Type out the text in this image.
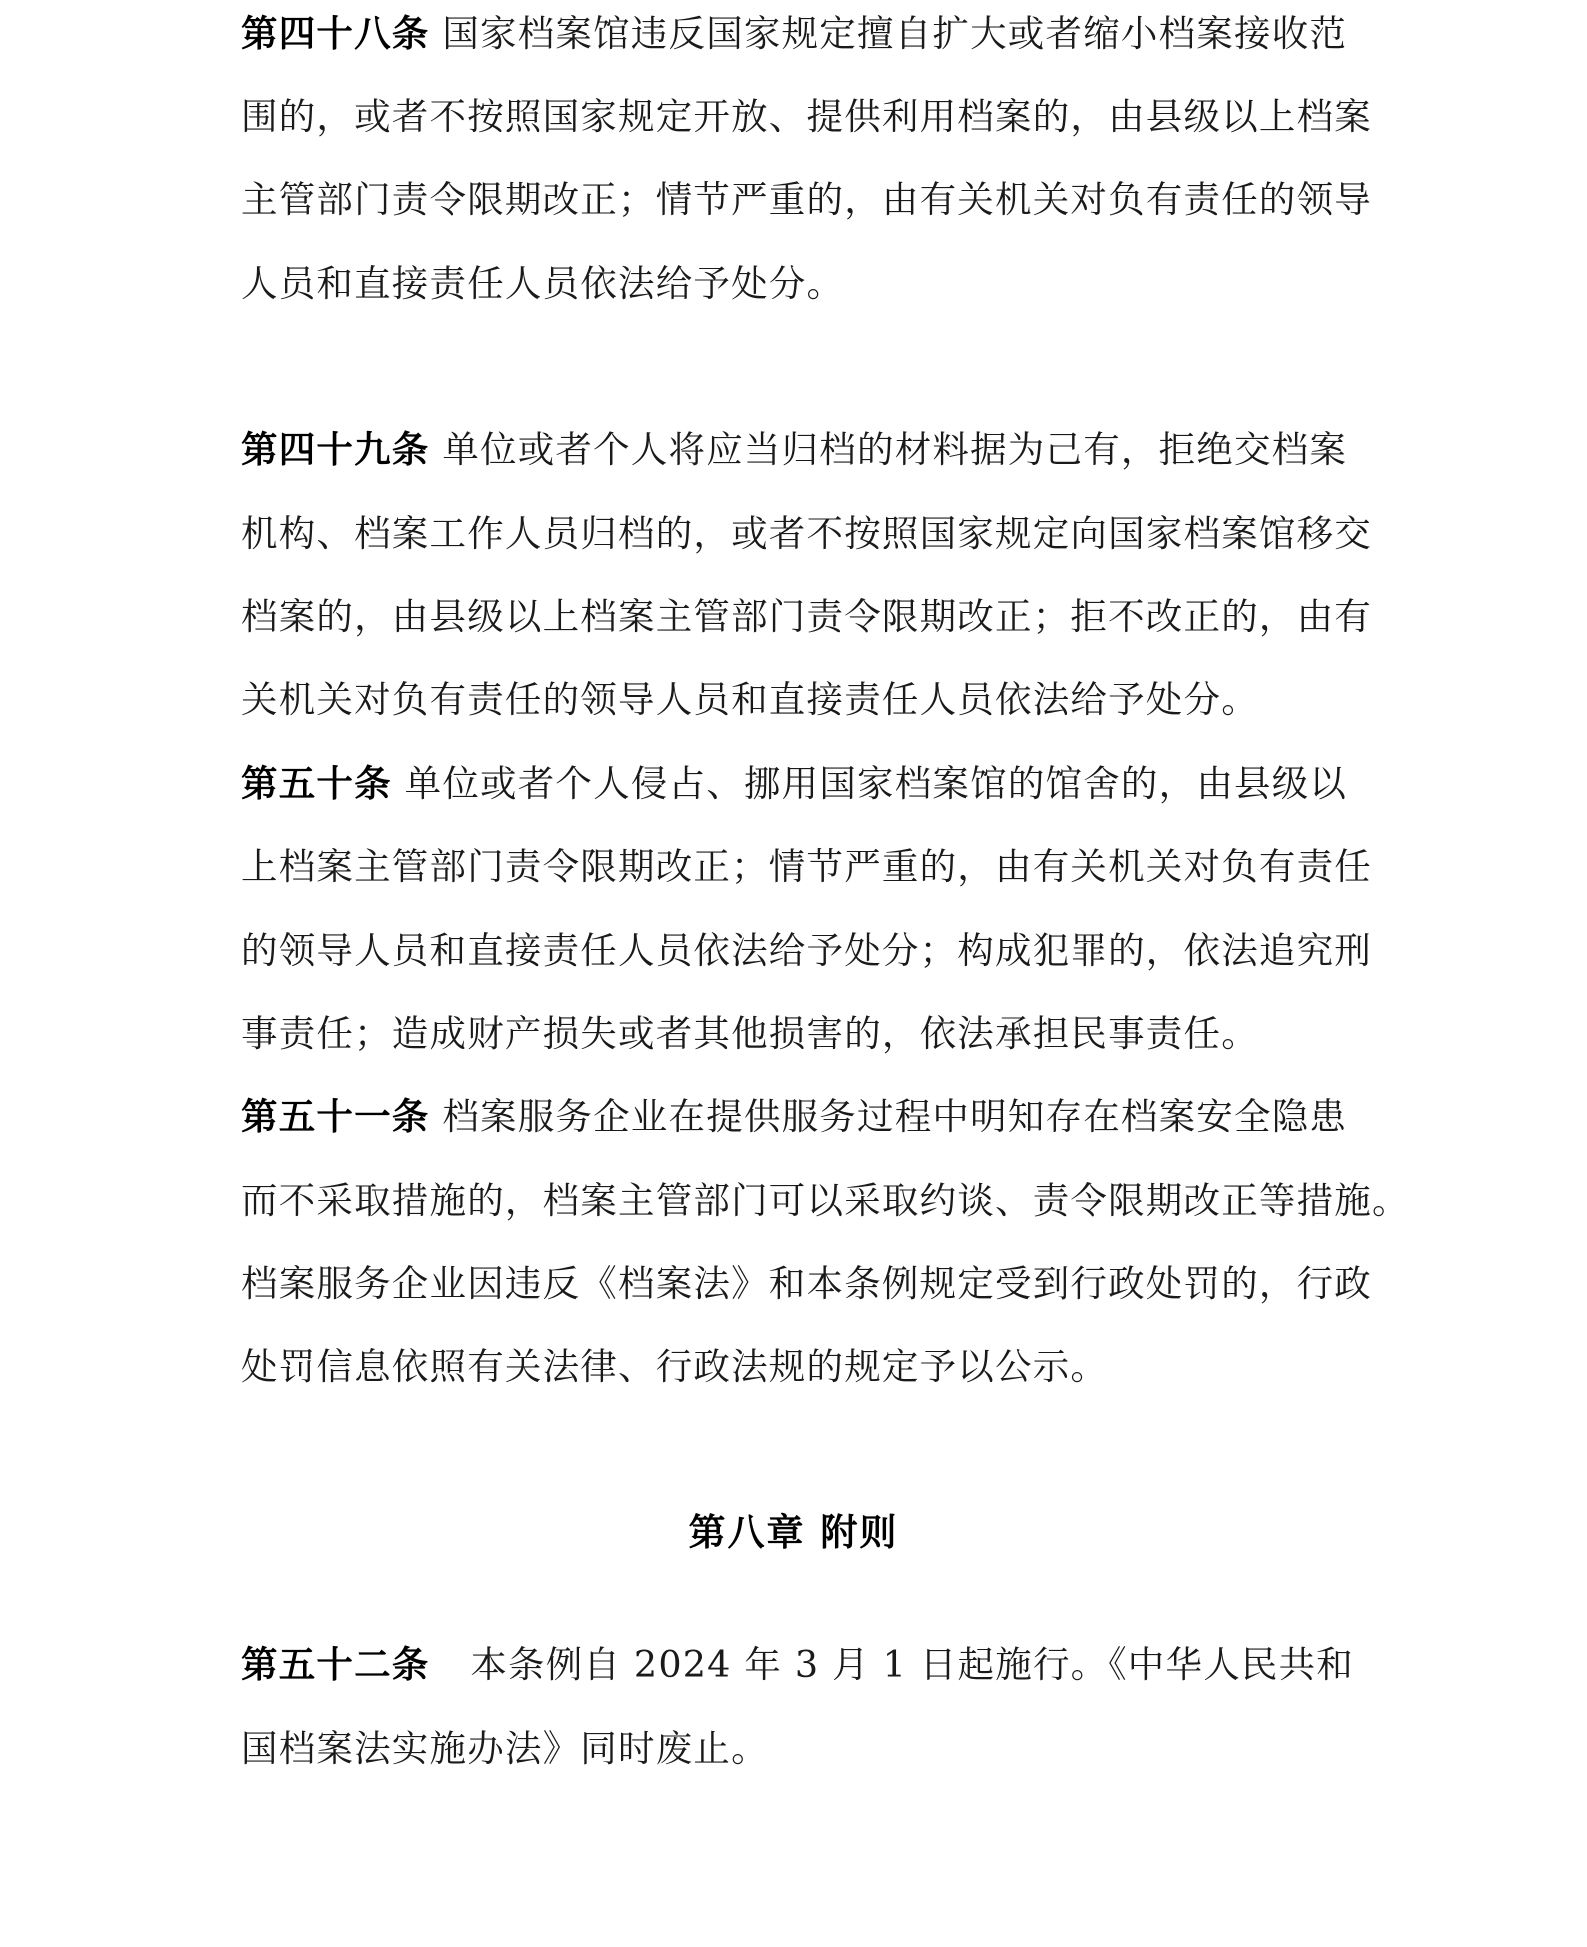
第四十八条 国家档案馆违反国家规定擅自扩大或者缩小档案接收范
围的，或者不按照国家规定开放、提供利用档案的，由县级以上档案
主管部门责令限期改正；情节严重的，由有关机关对负有责任的领导
人员和直接责任人员依法给予处分。
第四十九条 单位或者个人将应当归档的材料据为己有，拒绝交档案
机构、档案工作人员归档的，或者不按照国家规定向国家档案馆移交
档案的，由县级以上档案主管部门责令限期改正；拒不改正的，由有
关机关对负有责任的领导人员和直接责任人员依法给予处分。
第五十条 单位或者个人侵占、挪用国家档案馆的馆舍的，由县级以
上档案主管部门责令限期改正；情节严重的，由有关机关对负有责任
的领导人员和直接责任人员依法给予处分；构成犯罪的，依法追究刑
事责任；造成财产损失或者其他损害的，依法承担民事责任。
第五十一条 档案服务企业在提供服务过程中明知存在档案安全隐患
而不采取措施的，档案主管部门可以采取约谈、责令限期改正等措施。
档案服务企业因违反《档案法》和本条例规定受到行政处罚的，行政
处罚信息依照有关法律、行政法规的规定予以公示。
第八章 附则
第五十二条 本条例自 2024 年 3 月 1 日起施行。《中华人民共和
国档案法实施办法》同时废止。
